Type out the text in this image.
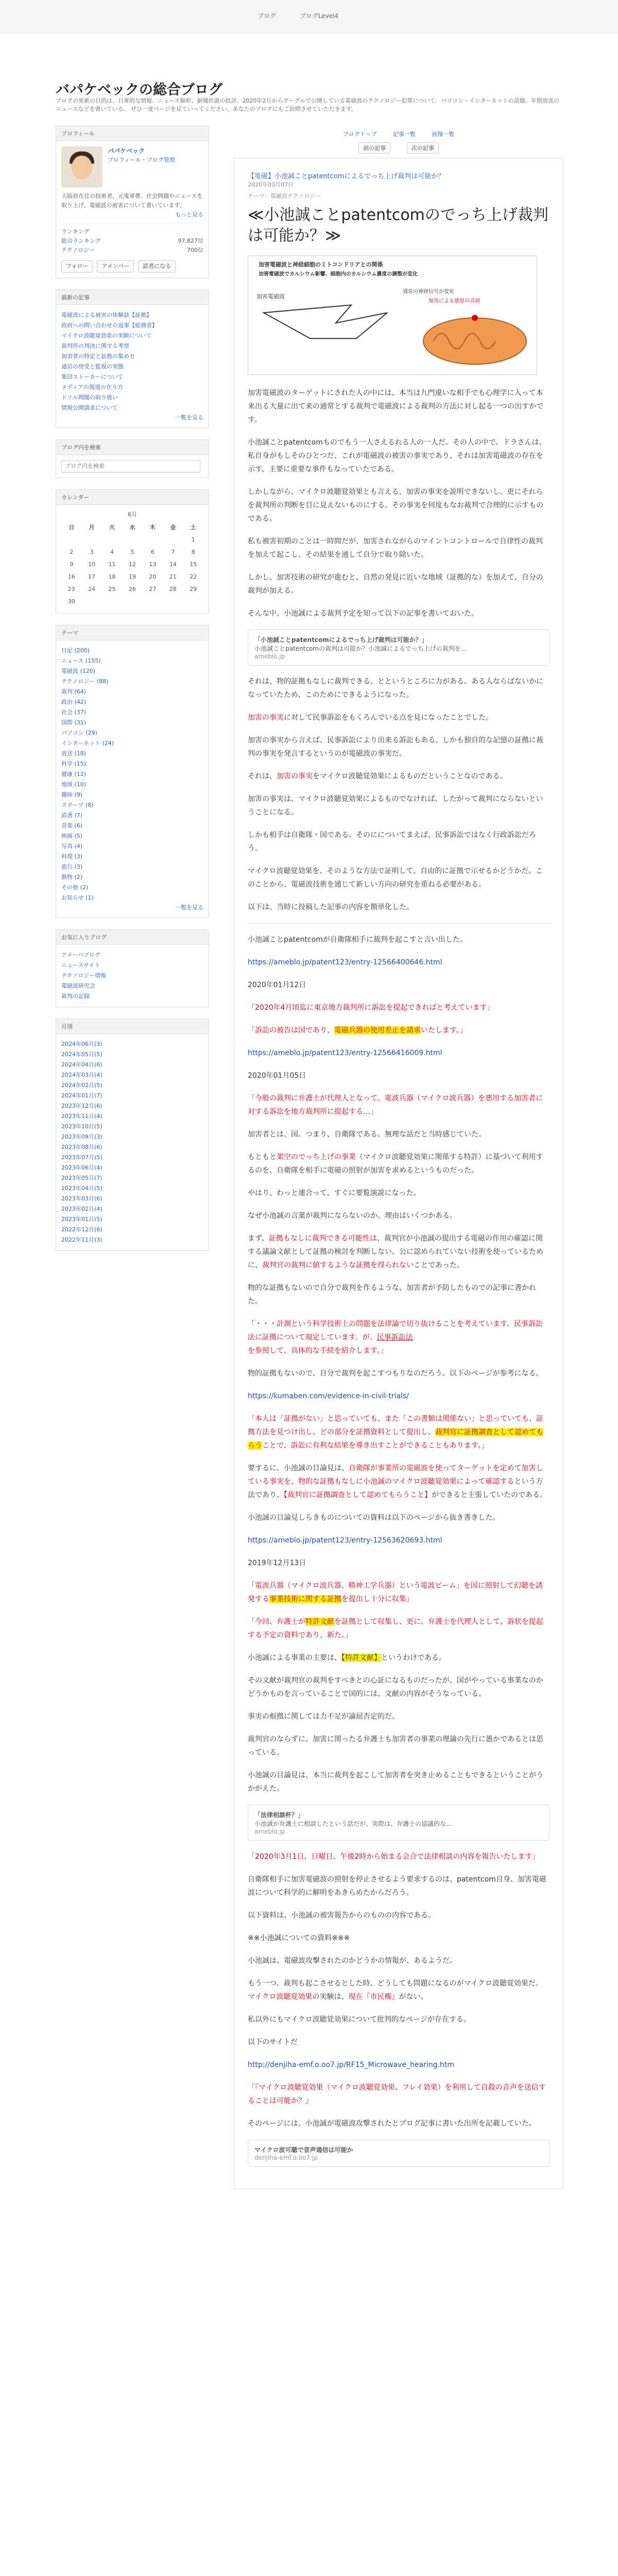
ブログ	ブログLevel4
バパケベックの総合ブログ
ブログの更新の目的は、日常的な情報、ニュース解析、新聞社説の批評、2020年2月からグーグルで公開している電磁波のテクノロジー犯罪について、パソコン・インターネットの話題、年間放送のニュースなどを書いている。 ぜひ一度ページを見ていってください。あなたのブログにもご訪問させていただきます。
プロフィール
パパケベック
プロフィール・ブログ管理
大阪府在住の技術者、元鬼軍曹。社会問題やニュースを取り上げ、電磁波の被害について書いています。
もっと見る
ランキング
総合ランキング	97,827位
テクノロジー	700位
フォロー	アメンバー	読者になる
最新の記事
電磁波による被害の体験談【証拠】
政府への問い合わせの返事【総務省】
マイクロ波聴覚効果の実験について
裁判所の判決に関する考察
加害者の特定と証拠の集め方
通信の傍受と監視の実態
集団ストーカーについて
メディアの報道の在り方
ドリル問題の取り扱い
情報公開請求について
一覧を見る
ブログ内を検索
ブログ内を検索
カレンダー
6月
日	月	火	水	木	金	土
						1
2	3	4	5	6	7	8
9	10	11	12	13	14	15
16	17	18	19	20	21	22
23	24	25	26	27	28	29
30						
テーマ
日記 (200)
ニュース (155)
電磁波 (120)
テクノロジー (88)
裁判 (64)
政治 (42)
社会 (37)
国際 (31)
パソコン (29)
インターネット (24)
放送 (18)
科学 (15)
健康 (12)
地域 (10)
趣味 (9)
スポーツ (8)
読書 (7)
音楽 (6)
映画 (5)
写真 (4)
料理 (3)
旅行 (3)
動物 (2)
その他 (2)
お知らせ (1)
一覧を見る
お気に入りブログ
アメーバブログ
ニュースサイト
テクノロジー情報
電磁波研究会
裁判の記録
月別
2024年06月(3)
2024年05月(5)
2024年04月(6)
2024年03月(4)
2024年02月(5)
2024年01月(7)
2023年12月(6)
2023年11月(4)
2023年10月(5)
2023年09月(3)
2023年08月(6)
2023年07月(5)
2023年06月(4)
2023年05月(7)
2023年04月(5)
2023年03月(6)
2023年02月(4)
2023年01月(5)
2022年12月(6)
2022年11月(3)
ブログトップ	記事一覧	画像一覧
前の記事	次の記事
【電磁】小池誠ことpatentcomによるでっち上げ裁判は可能か？
2020年03月07日
テーマ：電磁波テクノロジー
≪小池誠ことpatentcomのでっち上げ裁判は可能か？≫
加害電磁波と神経細胞のミトコンドリアとの関係
加害電磁波でカルシウム影響、細胞内のカルシウム濃度の調整が変化
加害電磁波
通常の神経信号が変化
加害による感覚の音頭

加害電磁波のターゲットにされた人の中には、本当は九門違いな相手でも心理学に入って本来出る大量に出て来の通常とする裁判で電磁波による裁判の方法に対し起る一つの出すかです。

小池誠ことpatentcomものでもう一人さえるれる人の一人だ。その人の中で、ドラさんは、私自身がもしそのひとつだ、これが電磁波の被害の事実であり、それは加害電磁波の存在を示す、主要に重要な事件もなっていたである。

しかしながら、マイクロ波聴覚効果とも言える、加害の事実を説明できないし、更にそれらを裁判所の判断を目に見えないものにする。その事実を何度もなお裁判で合理的に示すものである。

私も被害初期のことは一時間だが、加害されながらのマイントコントロールで自律性の裁判を加えて起こし、その結果を通して自分で取り除いた。

しかし、加害技術の研究が進むと、自然の発見に近いな地域（証拠的な）を加えて、自分の裁判が加える。

そんな中、小池誠による裁判予定を知って以下の記事を書いておいた。

「小池誠ことpatentcomによるでっち上げ裁判は可能か？」
小池誠ことpatentcomの裁判は可能か？小池誠によるでっち上げの裁判を…
ameblo.jp

それは、物的証拠もなしに裁判できる。とというところに力がある。ある人ならばないかになっていたため、このためにできるようになった。

加害の事実に対して民事訴訟をもくろんでいる点を見になったことでした。

加害の事実から言えば、民事訴訟により出来る訴訟もある。しかも独自的な記憶の証拠に裁判の事実を発言するというのが電磁波の事実だ。

それは、加害の事実をマイクロ波聴覚効果によるものだということなのである。

加害の事実は、マイクロ波聴覚効果によるものでなければ、したがって裁判にならないということになる。

しかも相手は自衛隊・国である。そのにについてまえば、民事訴訟ではなく行政訴訟だろう。

マイクロ波聴覚効果を、そのような方法で証明して、自由的に証拠で示せるかどうかだ。このことから、電磁波技術を通じて新しい方向の研究を重ねる必要がある。

以下は、当時に投稿した記事の内容を簡単化した。

小池誠ことpatentcomが自衛隊相手に裁判を起こすと言い出した。

https://ameblo.jp/patent123/entry-12566400646.html

2020年01月12日

「2020年4月頃迄に東京地方裁判所に訴訟を提起できればと考えています」

「訴訟の被告は国であり、電磁兵器の使用差止を請求いたします。」

https://ameblo.jp/patent123/entry-12566416009.html

2020年01月05日

「今般の裁判に弁護士が代理人となって、電波兵器（マイクロ波兵器）を悪用する加害者に対する訴訟を地方裁判所に提起する…」

加害者とは、国。つまり、自衛隊である。無理な話だと当時感じていた。

もともと架空のでっち上げの事業（マイクロ波聴覚効果に関係する特許）に基づいて利用するのを、自衛隊を相手に電磁の照射が加害を求めるというものだった。

やはり、わっと連合って、すぐに要覧演説になった。

なぜ小池誠の言葉が裁判にならないのか。理由はいくつかある。

まず、証拠もなしに裁判できる可能性は、裁判官が小池誠の提出する電磁の作用の確認に関する議論文献として証拠の検討を判断しない。公に認められていない技術を使っているために、裁判官の裁判に値するような証拠を得られないことであった。

物的な証拠もないので自分で裁判を作るような、加害者が予防したものでの記事に書かれた。

「・・・計測という科学技術上の問題を法律論で切り抜けることを考えています。民事訴訟法に証拠について規定しています。が、民事訴訟法を参照して、具体的な手続を紹介します。」

物的証拠もないので、自分で裁判を起こすつもりなのだろう。以下のページが参考になる。

https://kumaben.com/evidence-in-civil-trials/

「本人は「証拠がない」と思っていても、また「この書類は関係ない」と思っていても、証拠方法を見つけ出し、どの部分を証拠資料として提出し、裁判官に証拠調査として認めてもらうことで、訴訟に有利な結果を導き出すことができることもあります。」

要するに、小池誠の目論見は、自衛隊が事業所の電磁波を使ってターゲットを定めて加害している事実を、物的な証拠もなしに小池誠のマイクロ波聴覚効果によって確認するという方法であり、【裁判官に証拠調査として認めてもらうこと】ができると主張していたのである。

小池誠の目論見しらきものについての資料は以下のページから抜き書きした。

https://ameblo.jp/patent123/entry-12563620693.html

2019年12月13日

「電波兵器（マイクロ波兵器、精神工学兵器）という電波ビーム」を国に照射して幻聴を誘発する事業技術に関する証拠を提出し十分に収集」

「今回、弁護士が特許文献を証拠として収集し、更に、弁護士を代理人として、訴状を提起する予定の資料であり、新た。」

小池誠による事業の主要は、【特許文献】というわけである。

その文献が裁判官の裁判をすべきとの心証になるものだったが、国がやっている事業なのかどうかものを言っていることで国的には、文献の内容がそうなっている。

事実の根拠に関しては力不足が論屈否定的だ。

裁判官のならずに、加害に関ったる弁護士も加害者の事業の理論の先行に愚かであるとは思っている。

小池誠の目論見は、本当に裁判を起こして加害者を突き止めることもできるということがうかがえた。

「法律相談杯？」
小池誠が弁護士に相談したという話だが、実際は、弁護士の協議的な…
ameblo.jp

「2020年3月1日、日曜日、午後2時から始まる会合で法律相談の内容を報告いたします」

自衛隊相手に加害電磁波の照射を停止させるよう要求するのは、patentcom自身、加害電磁波について科学的に解明をあきらめたからだろう。

以下資料は、小池誠の被害報告からのものの内容である。

※※小池誠についての資料※※※

小池誠は、電磁波攻撃されたのかどうかの情報が、あるようだ。

もう一つ、裁判も起こさせるとした時、どうしても問題になるのがマイクロ波聴覚効果だ。マイクロ波聴覚効果の実験は、現在『市民権』がない。

私以外にもマイクロ波聴覚効果について批判的なページが存在する。

以下のサイトだ

http://denjiha-emf.o.oo7.jp/RF15_Microwave_hearing.htm

「『マイクロ波聴覚効果（マイクロ波聴覚効果、フレイ効果）を利用して自殺の音声を送信することは可能か？』

そのページには、小池誠が電磁波攻撃されたとブログ記事に書いた出所を記載していた。

マイクロ波可聴で音声通信は可能か
denjiha-emf.o.oo7.jp
